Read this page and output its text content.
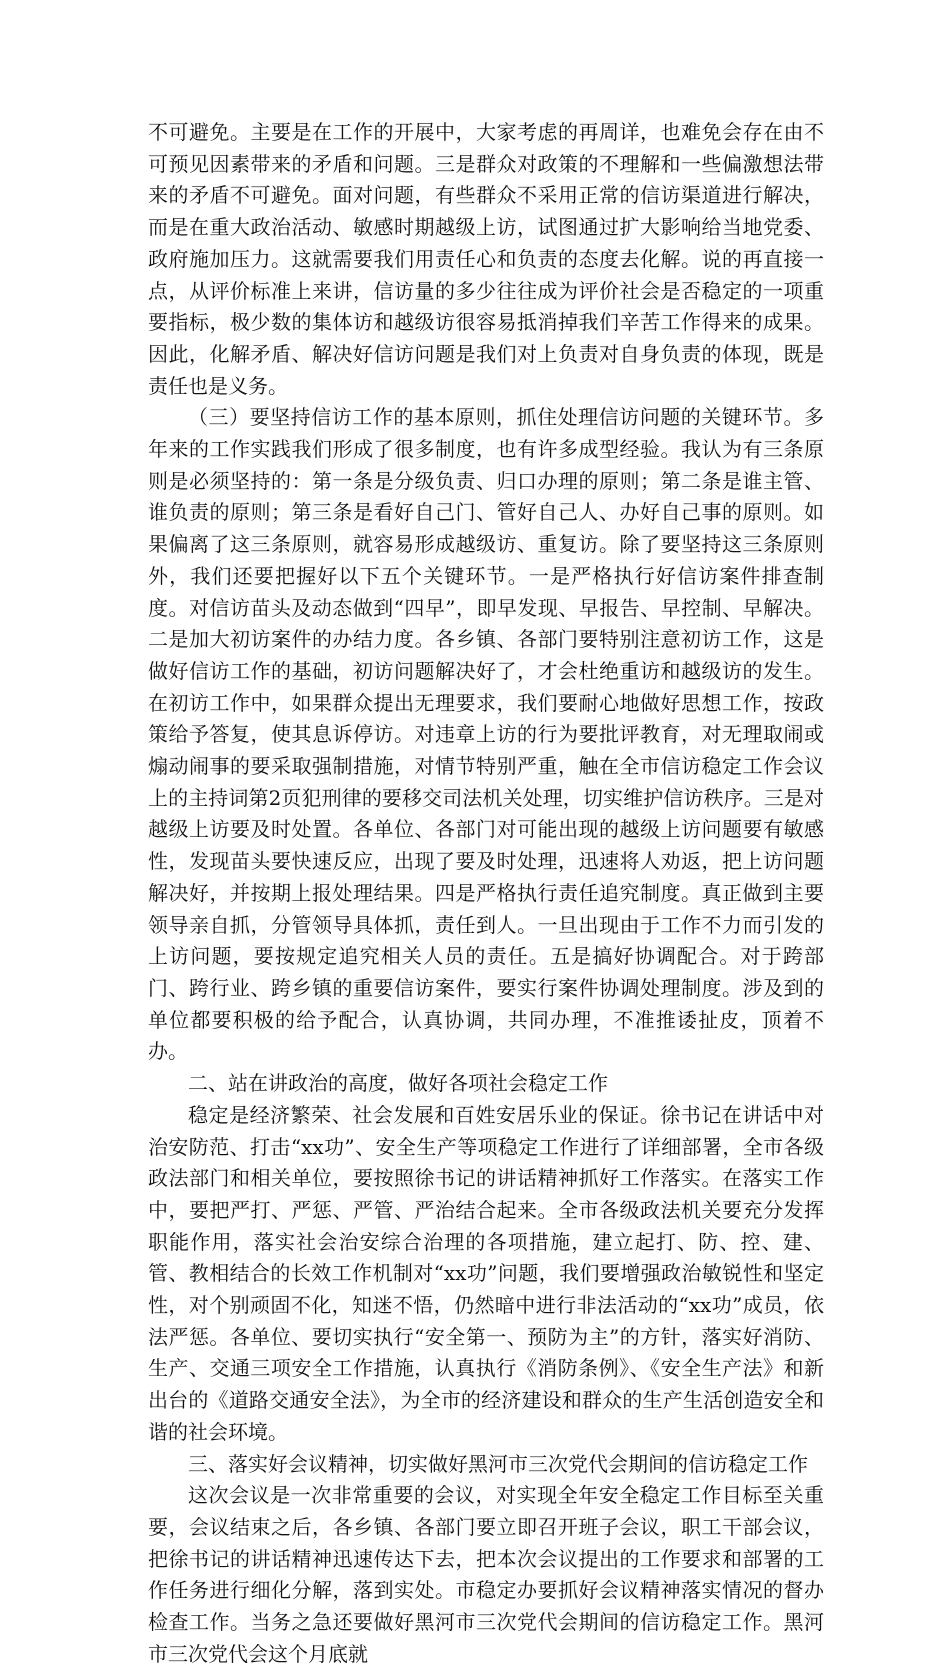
不可避免。主要是在工作的开展中，大家考虑的再周详，也难免会存在由不可预见因素带来的矛盾和问题。三是群众对政策的不理解和一些偏激想法带来的矛盾不可避免。面对问题，有些群众不采用正常的信访渠道进行解决，而是在重大政治活动、敏感时期越级上访，试图通过扩大影响给当地党委、政府施加压力。这就需要我们用责任心和负责的态度去化解。说的再直接一点，从评价标准上来讲，信访量的多少往往成为评价社会是否稳定的一项重要指标，极少数的集体访和越级访很容易抵消掉我们辛苦工作得来的成果。因此，化解矛盾、解决好信访问题是我们对上负责对自身负责的体现，既是责任也是义务。

（三）要坚持信访工作的基本原则，抓住处理信访问题的关键环节。多年来的工作实践我们形成了很多制度，也有许多成型经验。我认为有三条原则是必须坚持的：第一条是分级负责、归口办理的原则；第二条是谁主管、谁负责的原则；第三条是看好自己门、管好自己人、办好自己事的原则。如果偏离了这三条原则，就容易形成越级访、重复访。除了要坚持这三条原则外，我们还要把握好以下五个关键环节。一是严格执行好信访案件排查制度。对信访苗头及动态做到“四早”，即早发现、早报告、早控制、早解决。二是加大初访案件的办结力度。各乡镇、各部门要特别注意初访工作，这是做好信访工作的基础，初访问题解决好了，才会杜绝重访和越级访的发生。在初访工作中，如果群众提出无理要求，我们要耐心地做好思想工作，按政策给予答复，使其息诉停访。对违章上访的行为要批评教育，对无理取闹或煽动闹事的要采取强制措施，对情节特别严重，触在全市信访稳定工作会议上的主持词第2页犯刑律的要移交司法机关处理，切实维护信访秩序。三是对越级上访要及时处置。各单位、各部门对可能出现的越级上访问题要有敏感性，发现苗头要快速反应，出现了要及时处理，迅速将人劝返，把上访问题解决好，并按期上报处理结果。四是严格执行责任追究制度。真正做到主要领导亲自抓，分管领导具体抓，责任到人。一旦出现由于工作不力而引发的上访问题，要按规定追究相关人员的责任。五是搞好协调配合。对于跨部门、跨行业、跨乡镇的重要信访案件，要实行案件协调处理制度。涉及到的单位都要积极的给予配合，认真协调，共同办理，不准推诿扯皮，顶着不办。

二、站在讲政治的高度，做好各项社会稳定工作

稳定是经济繁荣、社会发展和百姓安居乐业的保证。徐书记在讲话中对治安防范、打击“xx功”、安全生产等项稳定工作进行了详细部署，全市各级政法部门和相关单位，要按照徐书记的讲话精神抓好工作落实。在落实工作中，要把严打、严惩、严管、严治结合起来。全市各级政法机关要充分发挥职能作用，落实社会治安综合治理的各项措施，建立起打、防、控、建、管、教相结合的长效工作机制对“xx功”问题，我们要增强政治敏锐性和坚定性，对个别顽固不化，知迷不悟，仍然暗中进行非法活动的“xx功”成员，依法严惩。各单位、要切实执行“安全第一、预防为主”的方针，落实好消防、生产、交通三项安全工作措施，认真执行《消防条例》、《安全生产法》和新出台的《道路交通安全法》，为全市的经济建设和群众的生产生活创造安全和谐的社会环境。

三、落实好会议精神，切实做好黑河市三次党代会期间的信访稳定工作

这次会议是一次非常重要的会议，对实现全年安全稳定工作目标至关重要，会议结束之后，各乡镇、各部门要立即召开班子会议，职工干部会议，把徐书记的讲话精神迅速传达下去，把本次会议提出的工作要求和部署的工作任务进行细化分解，落到实处。市稳定办要抓好会议精神落实情况的督办检查工作。当务之急还要做好黑河市三次党代会期间的信访稳定工作。黑河市三次党代会这个月底就
